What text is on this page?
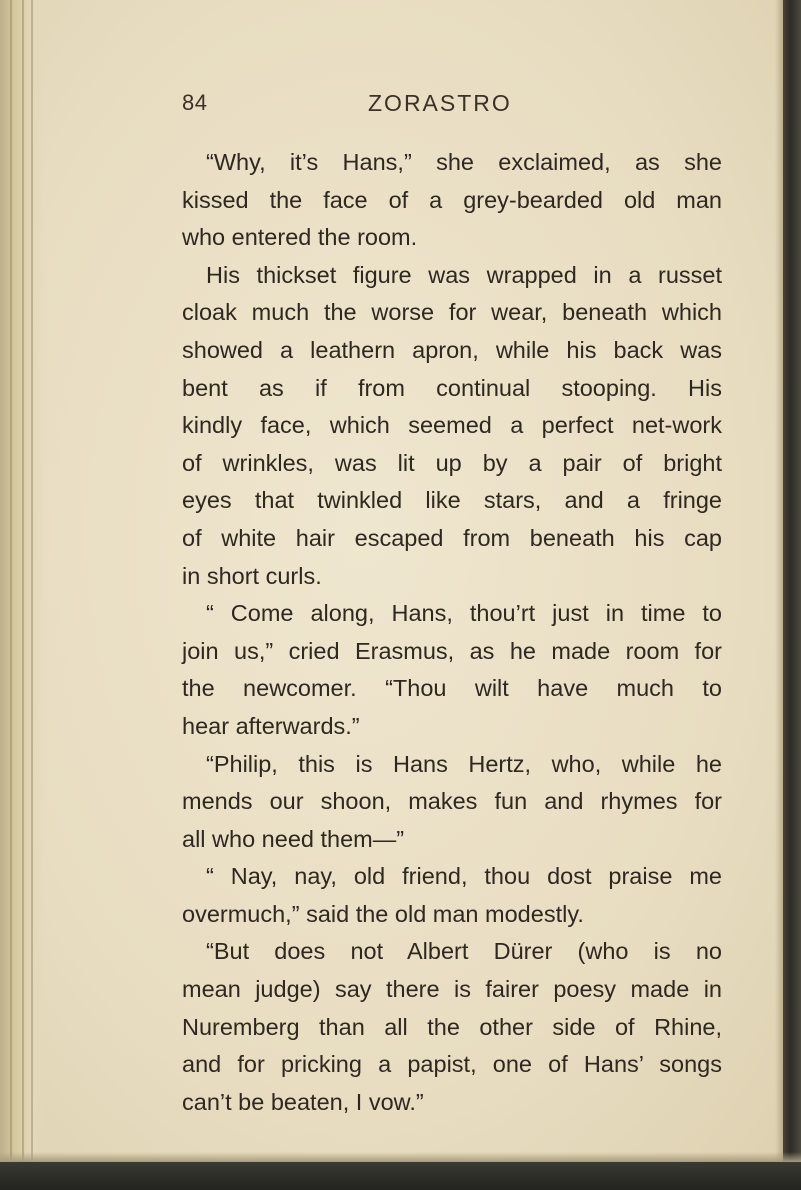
84	ZORASTRO
“Why, it’s Hans,” she exclaimed, as she
kissed the face of a grey-bearded old man
who entered the room.
His thickset figure was wrapped in a russet
cloak much the worse for wear, beneath which
showed a leathern apron, while his back was
bent as if from continual stooping. His
kindly face, which seemed a perfect net-work
of wrinkles, was lit up by a pair of bright
eyes that twinkled like stars, and a fringe
of white hair escaped from beneath his cap
in short curls.
“ Come along, Hans, thou’rt just in time to
join us,” cried Erasmus, as he made room for
the newcomer. “Thou wilt have much to
hear afterwards.”
“Philip, this is Hans Hertz, who, while he
mends our shoon, makes fun and rhymes for
all who need them—”
“ Nay, nay, old friend, thou dost praise me
overmuch,” said the old man modestly.
“But does not Albert Dürer (who is no
mean judge) say there is fairer poesy made in
Nuremberg than all the other side of Rhine,
and for pricking a papist, one of Hans’ songs
can’t be beaten, I vow.”
